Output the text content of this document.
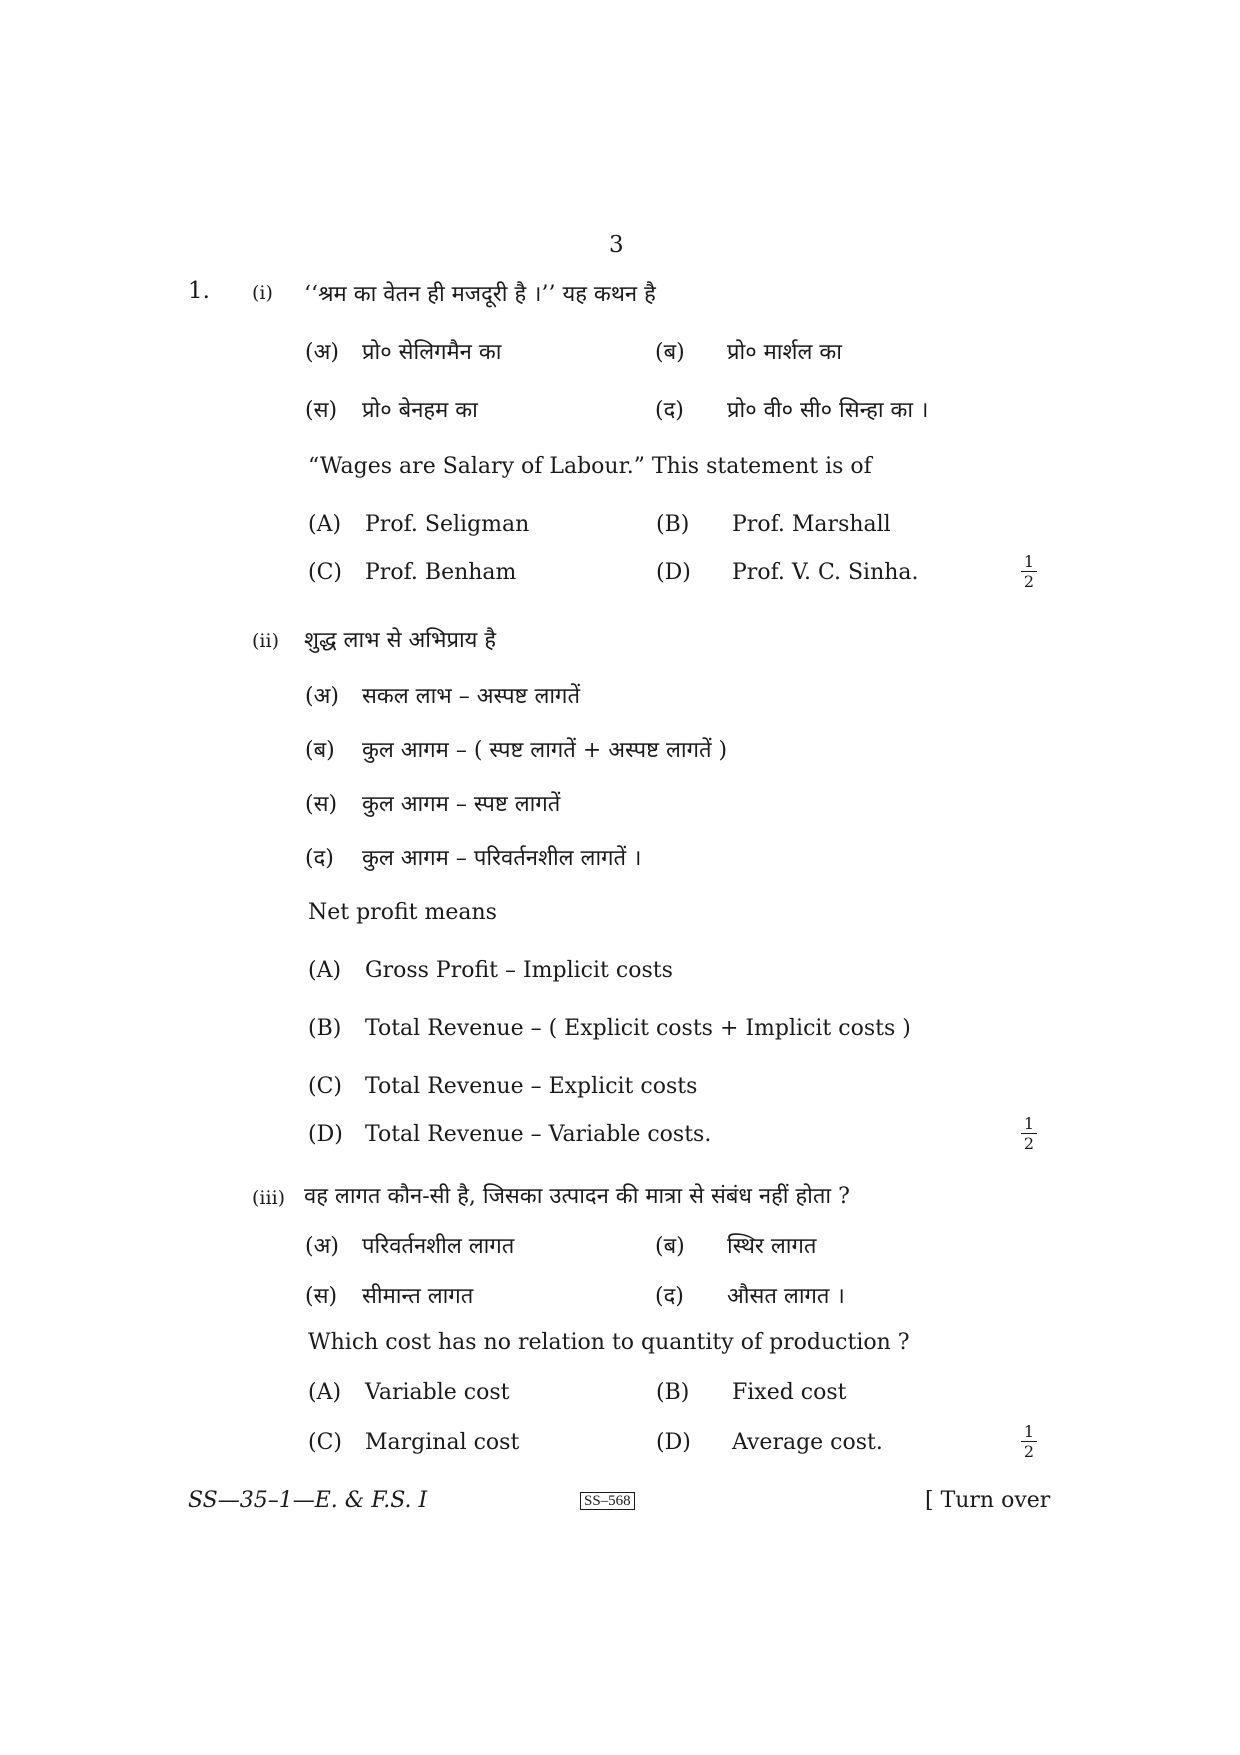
3
1. (i) ‘‘श्रम का वेतन ही मजदूरी है ।’’ यह कथन है
(अ) प्रो० सेलिगमैन का	(ब) प्रो० मार्शल का
(स) प्रो० बेनहम का	(द) प्रो० वी० सी० सिन्हा का ।
“Wages are Salary of Labour.” This statement is of
(A) Prof. Seligman	(B) Prof. Marshall
(C) Prof. Benham	(D) Prof. V. C. Sinha.	1
2
(ii) शुद्ध लाभ से अभिप्राय है
(अ) सकल लाभ – अस्पष्ट लागतें
(ब) कुल आगम – ( स्पष्ट लागतें + अस्पष्ट लागतें )
(स) कुल आगम – स्पष्ट लागतें
(द) कुल आगम – परिवर्तनशील लागतें ।
Net profit means
(A) Gross Profit – Implicit costs
(B) Total Revenue – ( Explicit costs + Implicit costs )
(C) Total Revenue – Explicit costs
(D) Total Revenue – Variable costs.	1
2
(iii) वह लागत कौन-सी है, जिसका उत्पादन की मात्रा से संबंध नहीं होता ?
(अ) परिवर्तनशील लागत	(ब) स्थिर लागत
(स) सीमान्त लागत	(द) औसत लागत ।
Which cost has no relation to quantity of production ?
(A) Variable cost	(B) Fixed cost
(C) Marginal cost	(D) Average cost.	1
2
SS—35–1—E. & F.S. I	SS–568	[ Turn over
